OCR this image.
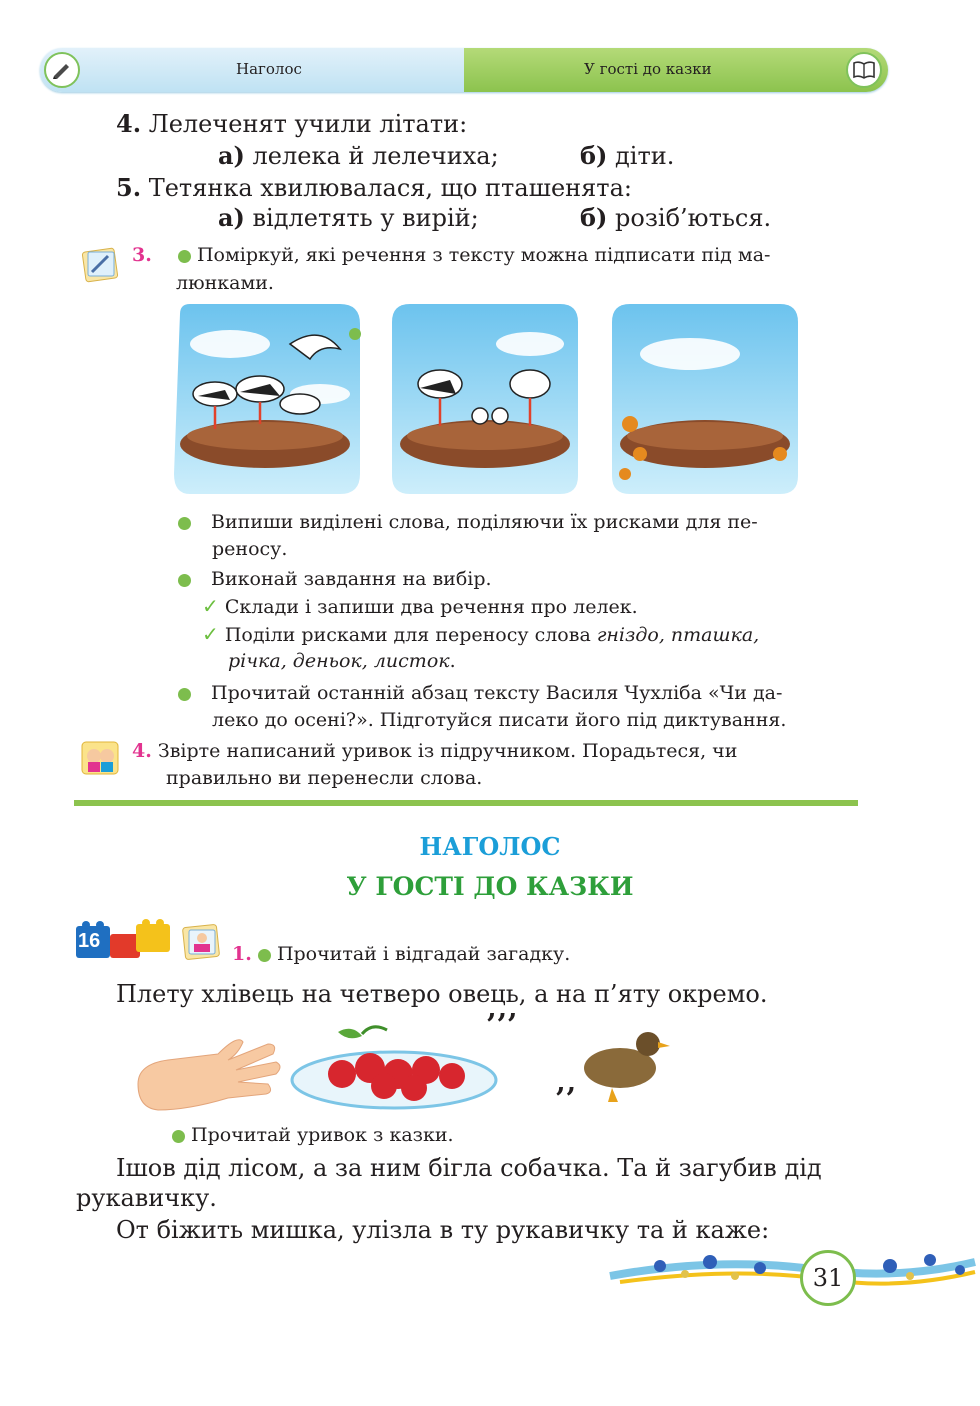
Наголос	У гості до казки
4. Лелеченят учили літати:
а) лелека й лелечиха;	б) діти.
5. Тетянка хвилювалася, що пташенята:
а) відлетять у вирій;	б) розіб’ються.
3. Поміркуй, які речення з тексту можна підписати під ма-
люнками.
Випиши виділені слова, поділяючи їх рисками для пе-
реносу.
Виконай завдання на вибір.
✓ Склади і запиши два речення про лелек.
✓ Поділи рисками для переносу слова гніздо, пташка,
річка, деньок, листок.
Прочитай останній абзац тексту Василя Чухліба «Чи да-
леко до осені?». Підготуйся писати його під диктування.
4. Звірте написаний уривок із підручником. Порадьтеся, чи
правильно ви перенесли слова.
НАГОЛОС
У ГОСТІ ДО КАЗКИ
16
1. Прочитай і відгадай загадку.
Плету хлівець на четверо овець, а на п’яту окремо.
’’’
’’
Прочитай уривок з казки.
Ішов дід лісом, а за ним бігла собачка. Та й загубив дід
рукавичку.
От біжить мишка, улізла в ту рукавичку та й каже:
31
